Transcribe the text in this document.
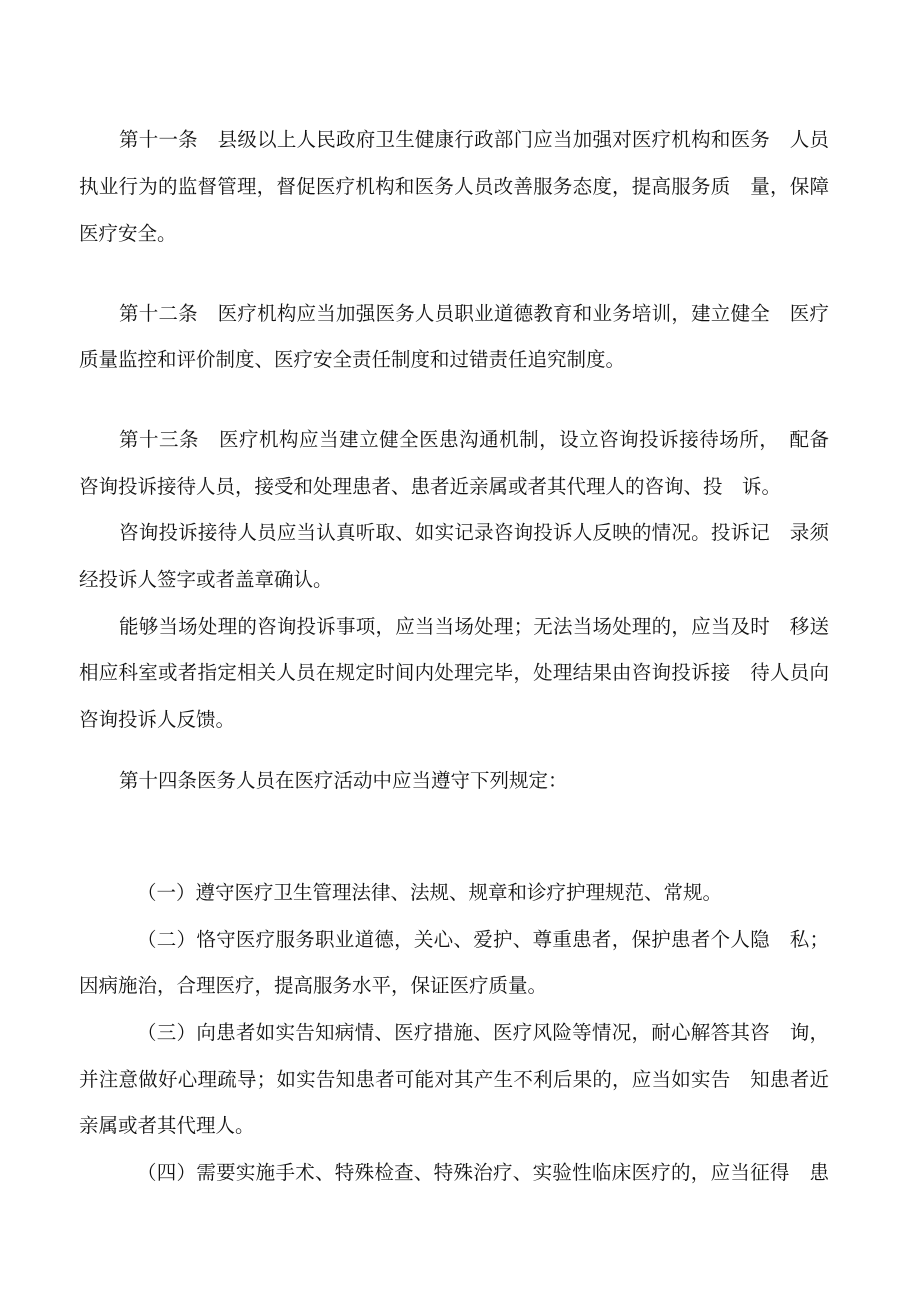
第十一条　县级以上人民政府卫生健康行政部门应当加强对医疗机构和医务　人员
执业行为的监督管理，督促医疗机构和医务人员改善服务态度，提高服务质　量，保障
医疗安全。
第十二条　医疗机构应当加强医务人员职业道德教育和业务培训，建立健全　医疗
质量监控和评价制度、医疗安全责任制度和过错责任追究制度。
第十三条　医疗机构应当建立健全医患沟通机制，设立咨询投诉接待场所，　配备
咨询投诉接待人员，接受和处理患者、患者近亲属或者其代理人的咨询、投　诉。
咨询投诉接待人员应当认真听取、如实记录咨询投诉人反映的情况。投诉记　录须
经投诉人签字或者盖章确认。
能够当场处理的咨询投诉事项，应当当场处理；无法当场处理的，应当及时　移送
相应科室或者指定相关人员在规定时间内处理完毕，处理结果由咨询投诉接　待人员向
咨询投诉人反馈。
第十四条医务人员在医疗活动中应当遵守下列规定：
（一）遵守医疗卫生管理法律、法规、规章和诊疗护理规范、常规。
（二）恪守医疗服务职业道德，关心、爱护、尊重患者，保护患者个人隐　私；
因病施治，合理医疗，提高服务水平，保证医疗质量。
（三）向患者如实告知病情、医疗措施、医疗风险等情况，耐心解答其咨　询，
并注意做好心理疏导；如实告知患者可能对其产生不利后果的，应当如实告　知患者近
亲属或者其代理人。
（四）需要实施手术、特殊检查、特殊治疗、实验性临床医疗的，应当征得　患
